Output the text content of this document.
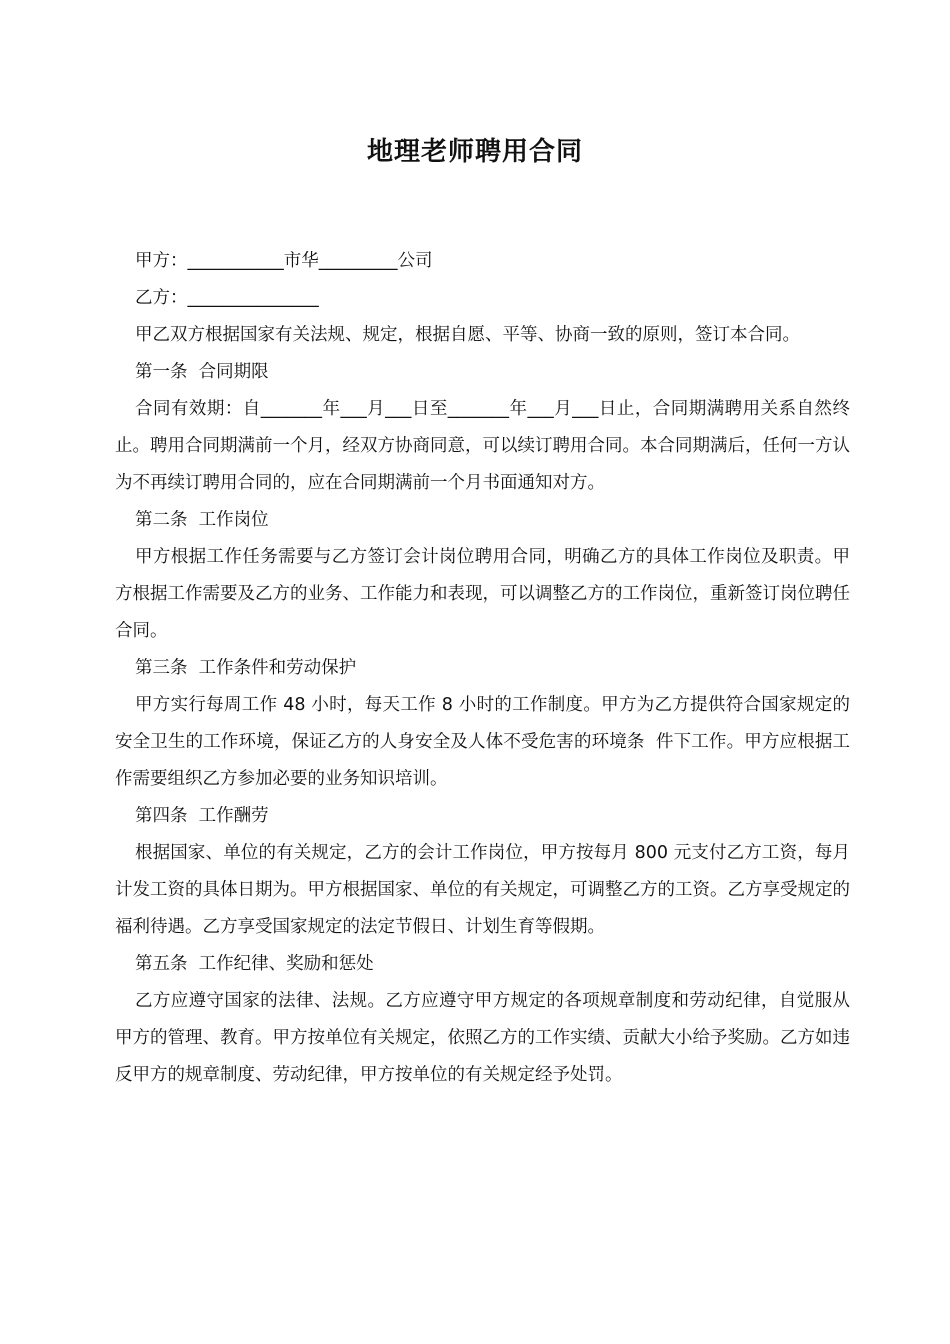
地理老师聘用合同

甲方：___________市华_________公司

乙方：_______________

甲乙双方根据国家有关法规、规定，根据自愿、平等、协商一致的原则，签订本合同。

第一条  合同期限

合同有效期：自_______年___月___日至_______年___月___日止，合同期满聘用关系自然终止。聘用合同期满前一个月，经双方协商同意，可以续订聘用合同。本合同期满后，任何一方认为不再续订聘用合同的，应在合同期满前一个月书面通知对方。

第二条  工作岗位

甲方根据工作任务需要与乙方签订会计岗位聘用合同，明确乙方的具体工作岗位及职责。甲方根据工作需要及乙方的业务、工作能力和表现，可以调整乙方的工作岗位，重新签订岗位聘任合同。

第三条  工作条件和劳动保护

甲方实行每周工作 48 小时，每天工作 8 小时的工作制度。甲方为乙方提供符合国家规定的安全卫生的工作环境，保证乙方的人身安全及人体不受危害的环境条  件下工作。甲方应根据工作需要组织乙方参加必要的业务知识培训。

第四条  工作酬劳

根据国家、单位的有关规定，乙方的会计工作岗位，甲方按每月 800 元支付乙方工资，每月计发工资的具体日期为。甲方根据国家、单位的有关规定，可调整乙方的工资。乙方享受规定的福利待遇。乙方享受国家规定的法定节假日、计划生育等假期。

第五条  工作纪律、奖励和惩处

乙方应遵守国家的法律、法规。乙方应遵守甲方规定的各项规章制度和劳动纪律，自觉服从甲方的管理、教育。甲方按单位有关规定，依照乙方的工作实绩、贡献大小给予奖励。乙方如违反甲方的规章制度、劳动纪律，甲方按单位的有关规定经予处罚。
